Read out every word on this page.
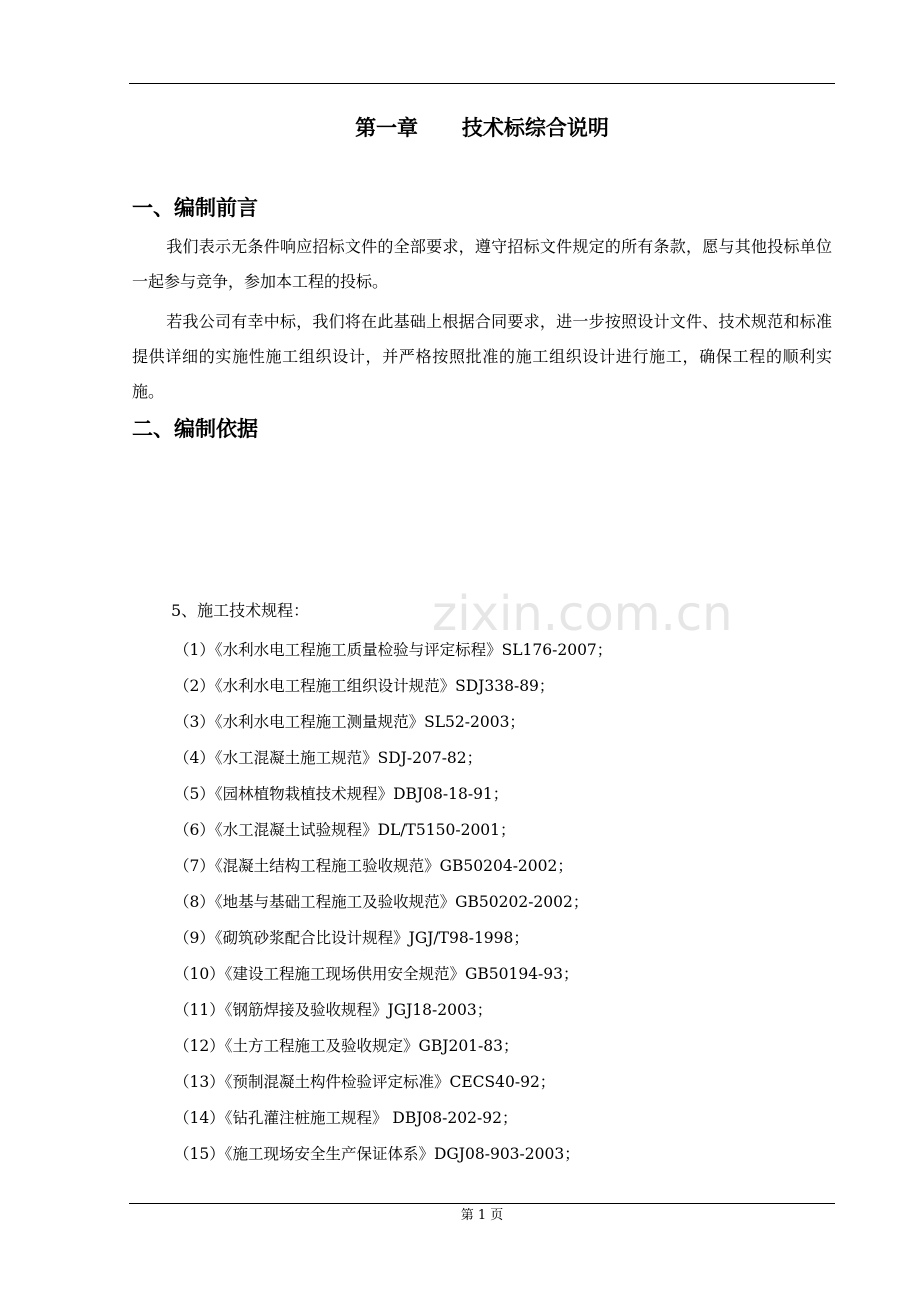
第一章      技术标综合说明
一、编制前言
我们表示无条件响应招标文件的全部要求，遵守招标文件规定的所有条款，愿与其他投标单位一起参与竞争，参加本工程的投标。
若我公司有幸中标，我们将在此基础上根据合同要求，进一步按照设计文件、技术规范和标准提供详细的实施性施工组织设计，并严格按照批准的施工组织设计进行施工，确保工程的顺利实施。
二、编制依据
zixin.com.cn
5、施工技术规程：
（1）《水利水电工程施工质量检验与评定标程》SL176-2007；
（2）《水利水电工程施工组织设计规范》SDJ338-89；
（3）《水利水电工程施工测量规范》SL52-2003；
（4）《水工混凝土施工规范》SDJ-207-82；
（5）《园林植物栽植技术规程》DBJ08-18-91；
（6）《水工混凝土试验规程》DL/T5150-2001；
（7）《混凝土结构工程施工验收规范》GB50204-2002；
（8）《地基与基础工程施工及验收规范》GB50202-2002；
（9）《砌筑砂浆配合比设计规程》JGJ/T98-1998；
（10）《建设工程施工现场供用安全规范》GB50194-93；
（11）《钢筋焊接及验收规程》JGJ18-2003；
（12）《土方工程施工及验收规定》GBJ201-83；
（13）《预制混凝土构件检验评定标准》CECS40-92；
（14）《钻孔灌注桩施工规程》 DBJ08-202-92；
（15）《施工现场安全生产保证体系》DGJ08-903-2003；
第 1 页
